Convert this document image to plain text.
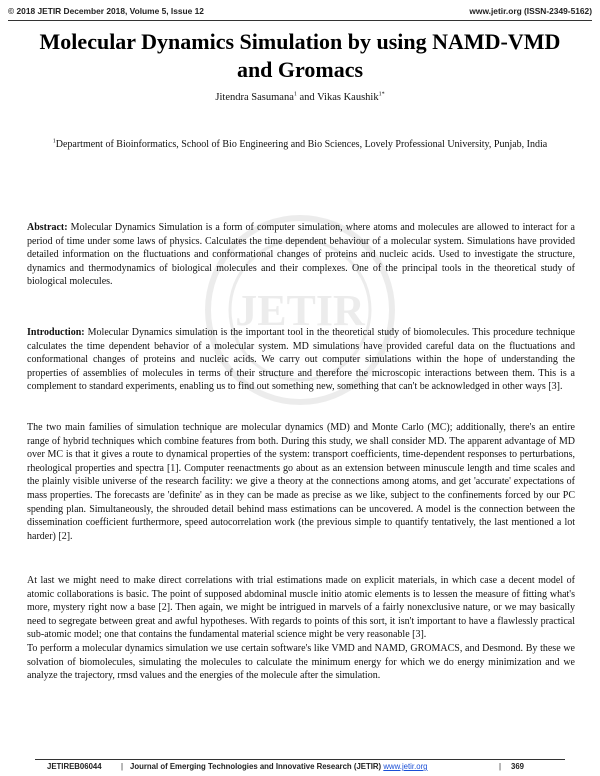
© 2018 JETIR December 2018, Volume 5, Issue 12	www.jetir.org (ISSN-2349-5162)
JETIR
Molecular Dynamics Simulation by using NAMD-VMD and Gromacs
Jitendra Sasumana$^1$ and Vikas Kaushik$^{1*}$
$^1$Department of Bioinformatics, School of Bio Engineering and Bio Sciences, Lovely Professional University, Punjab, India
Abstract: Molecular Dynamics Simulation is a form of computer simulation, where atoms and molecules are allowed to interact for a period of time under some laws of physics. Calculates the time dependent behaviour of a molecular system. Simulations have provided detailed information on the fluctuations and conformational changes of proteins and nucleic acids. Used to investigate the structure, dynamics and thermodynamics of biological molecules and their complexes. One of the principal tools in the theoretical study of biological molecules.
Introduction: Molecular Dynamics simulation is the important tool in the theoretical study of biomolecules. This procedure technique calculates the time dependent behavior of a molecular system. MD simulations have provided careful data on the fluctuations and conformational changes of proteins and nucleic acids. We carry out computer simulations within the hope of understanding the properties of assemblies of molecules in terms of their structure and therefore the microscopic interactions between them. This is a complement to standard experiments, enabling us to find out something new, something that can't be acknowledged in other ways [3].
The two main families of simulation technique are molecular dynamics (MD) and Monte Carlo (MC); additionally, there's an entire range of hybrid techniques which combine features from both. During this study, we shall consider MD. The apparent advantage of MD over MC is that it gives a route to dynamical properties of the system: transport coefficients, time-dependent responses to perturbations, rheological properties and spectra [1]. Computer reenactments go about as an extension between minuscule length and time scales and the plainly visible universe of the research facility: we give a theory at the connections among atoms, and get 'accurate' expectations of mass properties. The forecasts are 'definite' as in they can be made as precise as we like, subject to the confinements forced by our PC spending plan. Simultaneously, the shrouded detail behind mass estimations can be uncovered. A model is the connection between the dissemination coefficient furthermore, speed autocorrelation work (the previous simple to quantify tentatively, the last mentioned a lot harder) [2].
At last we might need to make direct correlations with trial estimations made on explicit materials, in which case a decent model of atomic collaborations is basic. The point of supposed abdominal muscle initio atomic elements is to lessen the measure of fitting what's more, mystery right now a base [2]. Then again, we might be intrigued in marvels of a fairly nonexclusive nature, or we may basically need to segregate between great and awful hypotheses. With regards to points of this sort, it isn't important to have a flawlessly practical sub-atomic model; one that contains the fundamental material science might be very reasonable [3].
To perform a molecular dynamics simulation we use certain software's like VMD and NAMD, GROMACS, and Desmond. By these we solvation of biomolecules, simulating the molecules to calculate the minimum energy for which we do energy minimization and we analyze the trajectory, rmsd values and the energies of the molecule after the simulation.
JETIREB06044 | Journal of Emerging Technologies and Innovative Research (JETIR) www.jetir.org	| 369
